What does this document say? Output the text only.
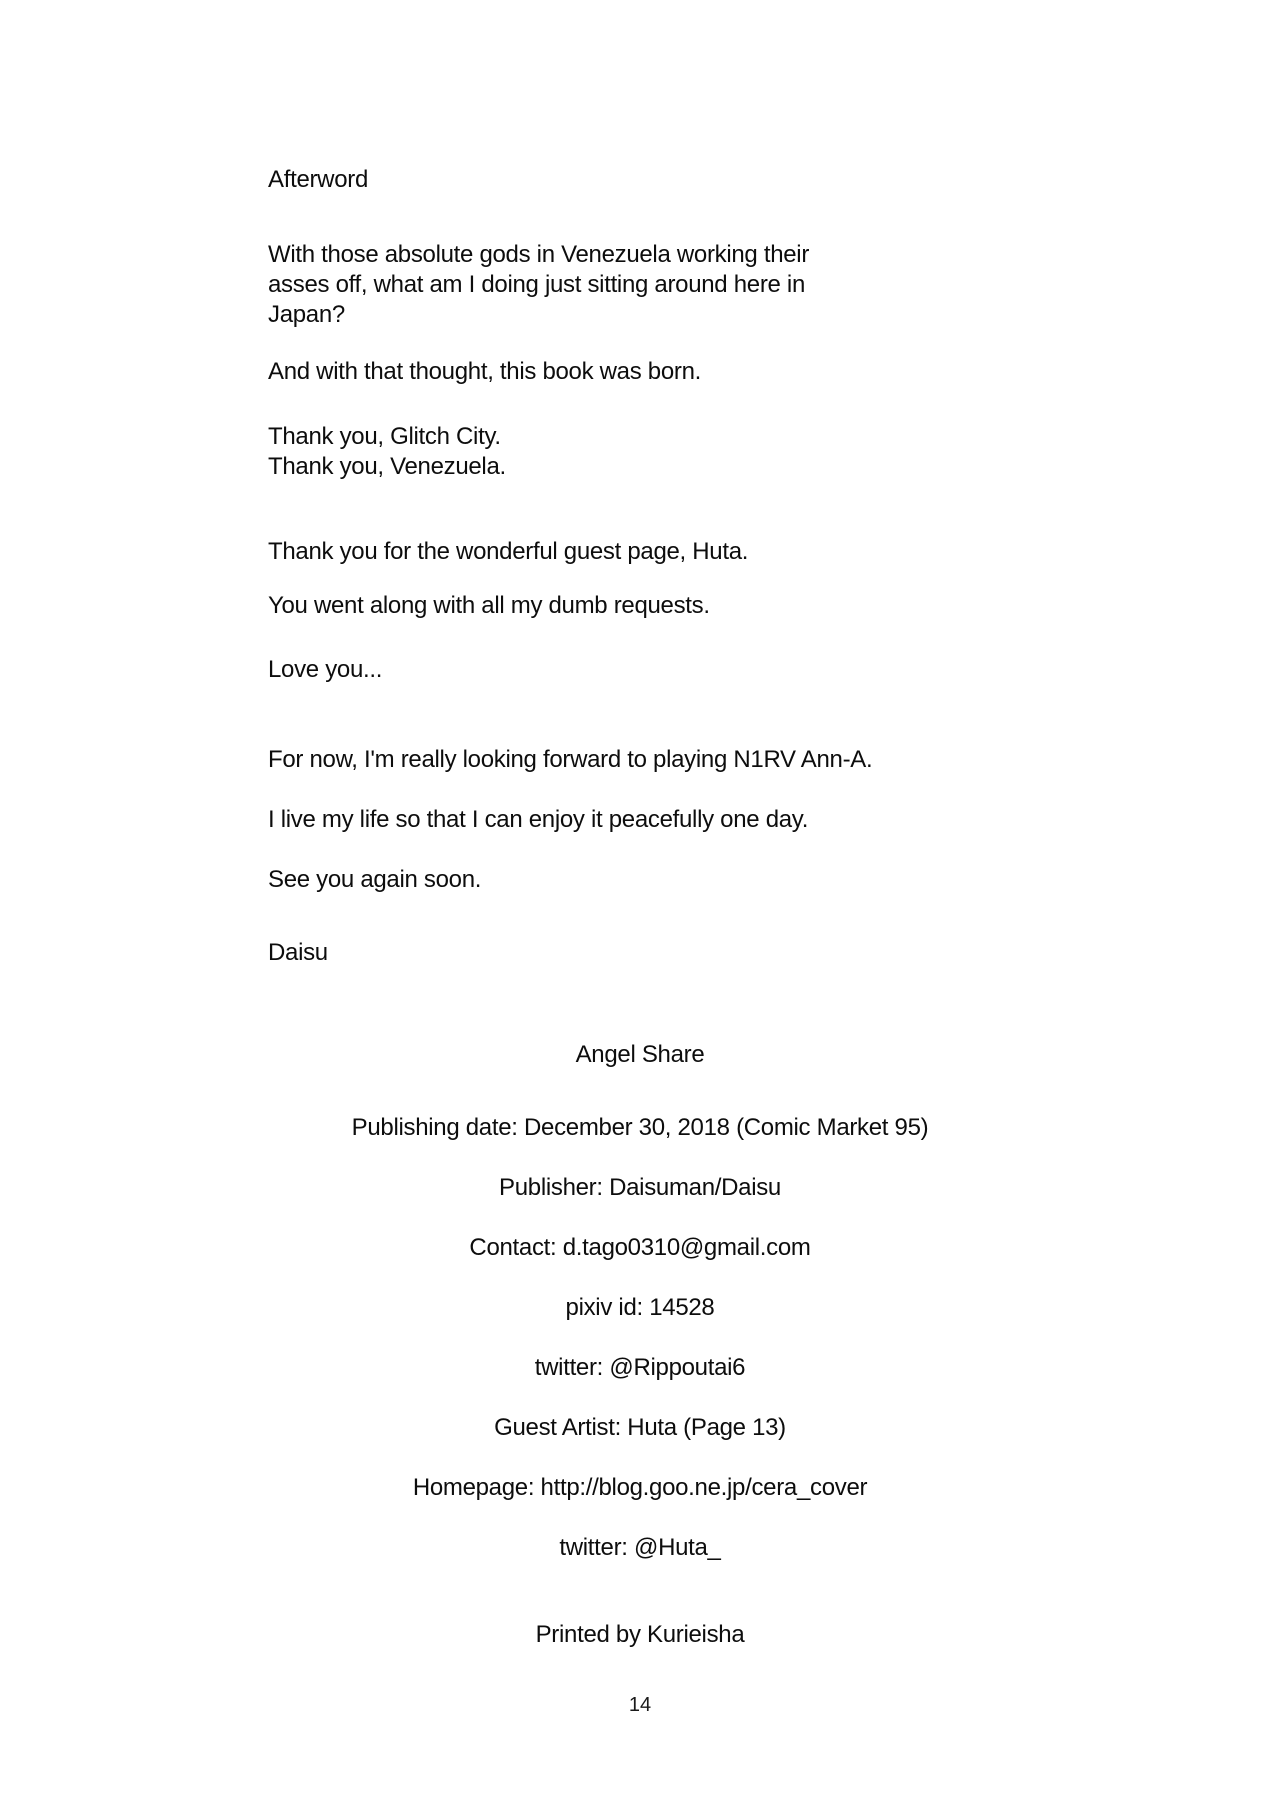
Afterword
With those absolute gods in Venezuela working their
asses off, what am I doing just sitting around here in
Japan?
And with that thought, this book was born.
Thank you, Glitch City.
Thank you, Venezuela.
Thank you for the wonderful guest page, Huta.
You went along with all my dumb requests.
Love you...
For now, I'm really looking forward to playing N1RV Ann-A.
I live my life so that I can enjoy it peacefully one day.
See you again soon.
Daisu
Angel Share
Publishing date: December 30, 2018 (Comic Market 95)
Publisher: Daisuman/Daisu
Contact: d.tago0310@gmail.com
pixiv id: 14528
twitter: @Rippoutai6
Guest Artist: Huta (Page 13)
Homepage: http://blog.goo.ne.jp/cera_cover
twitter: @Huta_
Printed by Kurieisha
14
